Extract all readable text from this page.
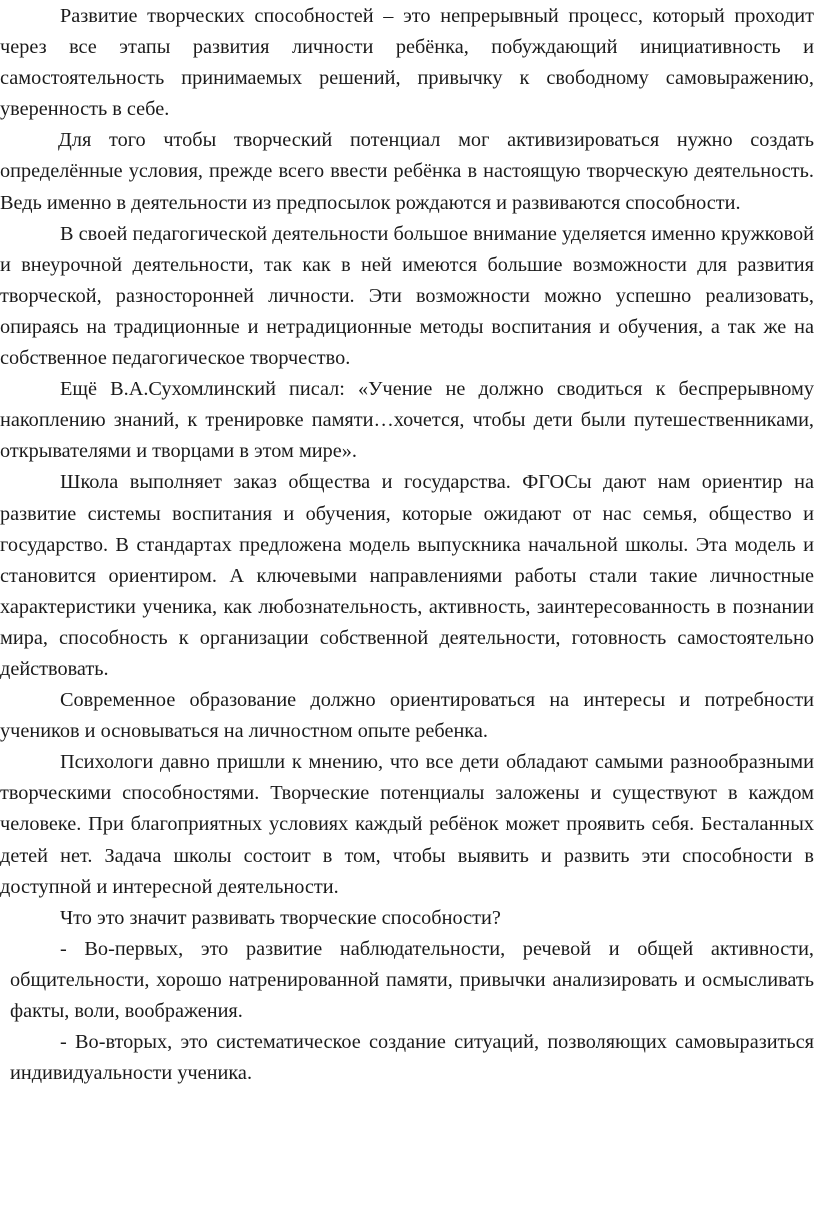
Развитие творческих способностей – это непрерывный процесс, который проходит через все этапы развития личности ребёнка, побуждающий инициативность и самостоятельность принимаемых решений, привычку к свободному самовыражению, уверенность в себе.

Для того чтобы творческий потенциал мог активизироваться нужно создать определённые условия, прежде всего ввести ребёнка в настоящую творческую деятельность. Ведь именно в деятельности из предпосылок рождаются и развиваются способности.

В своей педагогической деятельности большое внимание уделяется именно кружковой и внеурочной деятельности, так как в ней имеются большие возможности для развития творческой, разносторонней личности. Эти возможности можно успешно реализовать, опираясь на традиционные и нетрадиционные методы воспитания и обучения, а так же на собственное педагогическое творчество.

Ещё В.А.Сухомлинский писал: «Учение не должно сводиться к беспрерывному накоплению знаний, к тренировке памяти…хочется, чтобы дети были путешественниками, открывателями и творцами в этом мире».

Школа выполняет заказ общества и государства. ФГОСы дают нам ориентир на развитие системы воспитания и обучения, которые ожидают от нас семья, общество и государство. В стандартах предложена модель выпускника начальной школы. Эта модель и становится ориентиром. А ключевыми направлениями работы стали такие личностные характеристики ученика, как любознательность, активность, заинтересованность в познании мира, способность к организации собственной деятельности, готовность самостоятельно действовать.

Современное образование должно ориентироваться на интересы и потребности учеников и основываться на личностном опыте ребенка.

Психологи давно пришли к мнению, что все дети обладают самыми разнообразными творческими способностями. Творческие потенциалы заложены и существуют в каждом человеке. При благоприятных условиях каждый ребёнок может проявить себя. Бесталанных детей нет. Задача школы состоит в том, чтобы выявить и развить эти способности в доступной и интересной деятельности.

Что это значит развивать творческие способности?

- Во-первых, это развитие наблюдательности, речевой и общей активности, общительности, хорошо натренированной памяти, привычки анализировать и осмысливать факты, воли, воображения.

- Во-вторых, это систематическое создание ситуаций, позволяющих самовыразиться индивидуальности ученика.
